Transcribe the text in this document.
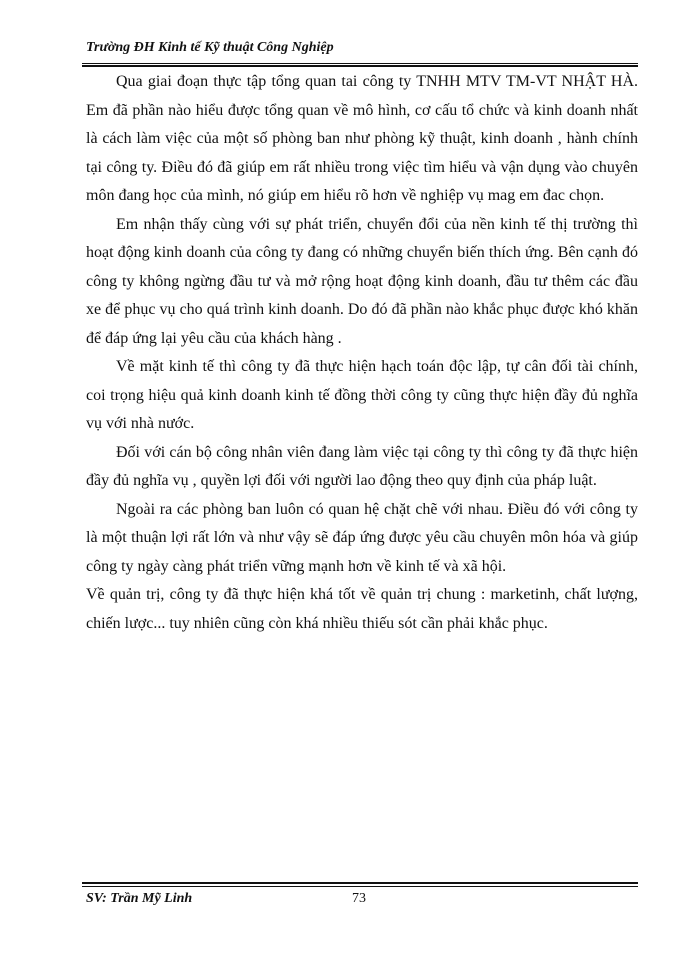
Trường ĐH Kinh tế Kỹ thuật Công Nghiệp

Qua giai đoạn thực tập tổng quan tai công ty TNHH MTV TM-VT NHẬT HÀ. Em đã phần nào hiểu được tổng quan về mô hình, cơ cấu tổ chức và kinh doanh nhất là cách làm việc của một số phòng ban như phòng kỹ thuật, kinh doanh , hành chính tại công ty. Điều đó đã giúp em rất nhiều trong việc tìm hiểu và vận dụng vào chuyên môn đang học của mình, nó giúp em hiểu rõ hơn về nghiệp vụ mag em đac chọn.

Em nhận thấy cùng với sự phát triển, chuyển đổi của nền kinh tế thị trường thì hoạt động kinh doanh của công ty đang có những chuyển biến thích ứng. Bên cạnh đó công ty không ngừng đầu tư và mở rộng hoạt động kinh doanh, đầu tư thêm các đầu xe để phục vụ cho quá trình kinh doanh. Do đó đã phần nào khắc phục được khó khăn để đáp ứng lại yêu cầu của khách hàng .

Về mặt kinh tế thì công ty đã thực hiện hạch toán độc lập, tự cân đối tài chính, coi trọng hiệu quả kinh doanh kinh tế đồng thời công ty cũng thực hiện đầy đủ nghĩa vụ với nhà nước.

Đối với cán bộ công nhân viên đang làm việc tại công ty thì công ty đã thực hiện đầy đủ nghĩa vụ , quyền lợi đối với người lao động theo quy định của pháp luật.

Ngoài ra các phòng ban luôn có quan hệ chặt chẽ với nhau. Điều đó với công ty là một thuận lợi rất lớn và như vậy sẽ đáp ứng được yêu cầu chuyên môn hóa và giúp công ty ngày càng phát triển vững mạnh hơn về kinh tế và xã hội.

Về quản trị, công ty đã thực hiện khá tốt về quản trị chung : marketinh, chất lượng, chiến lược... tuy nhiên cũng còn khá nhiều thiếu sót cần phải khắc phục.

SV: Trần Mỹ Linh	73
